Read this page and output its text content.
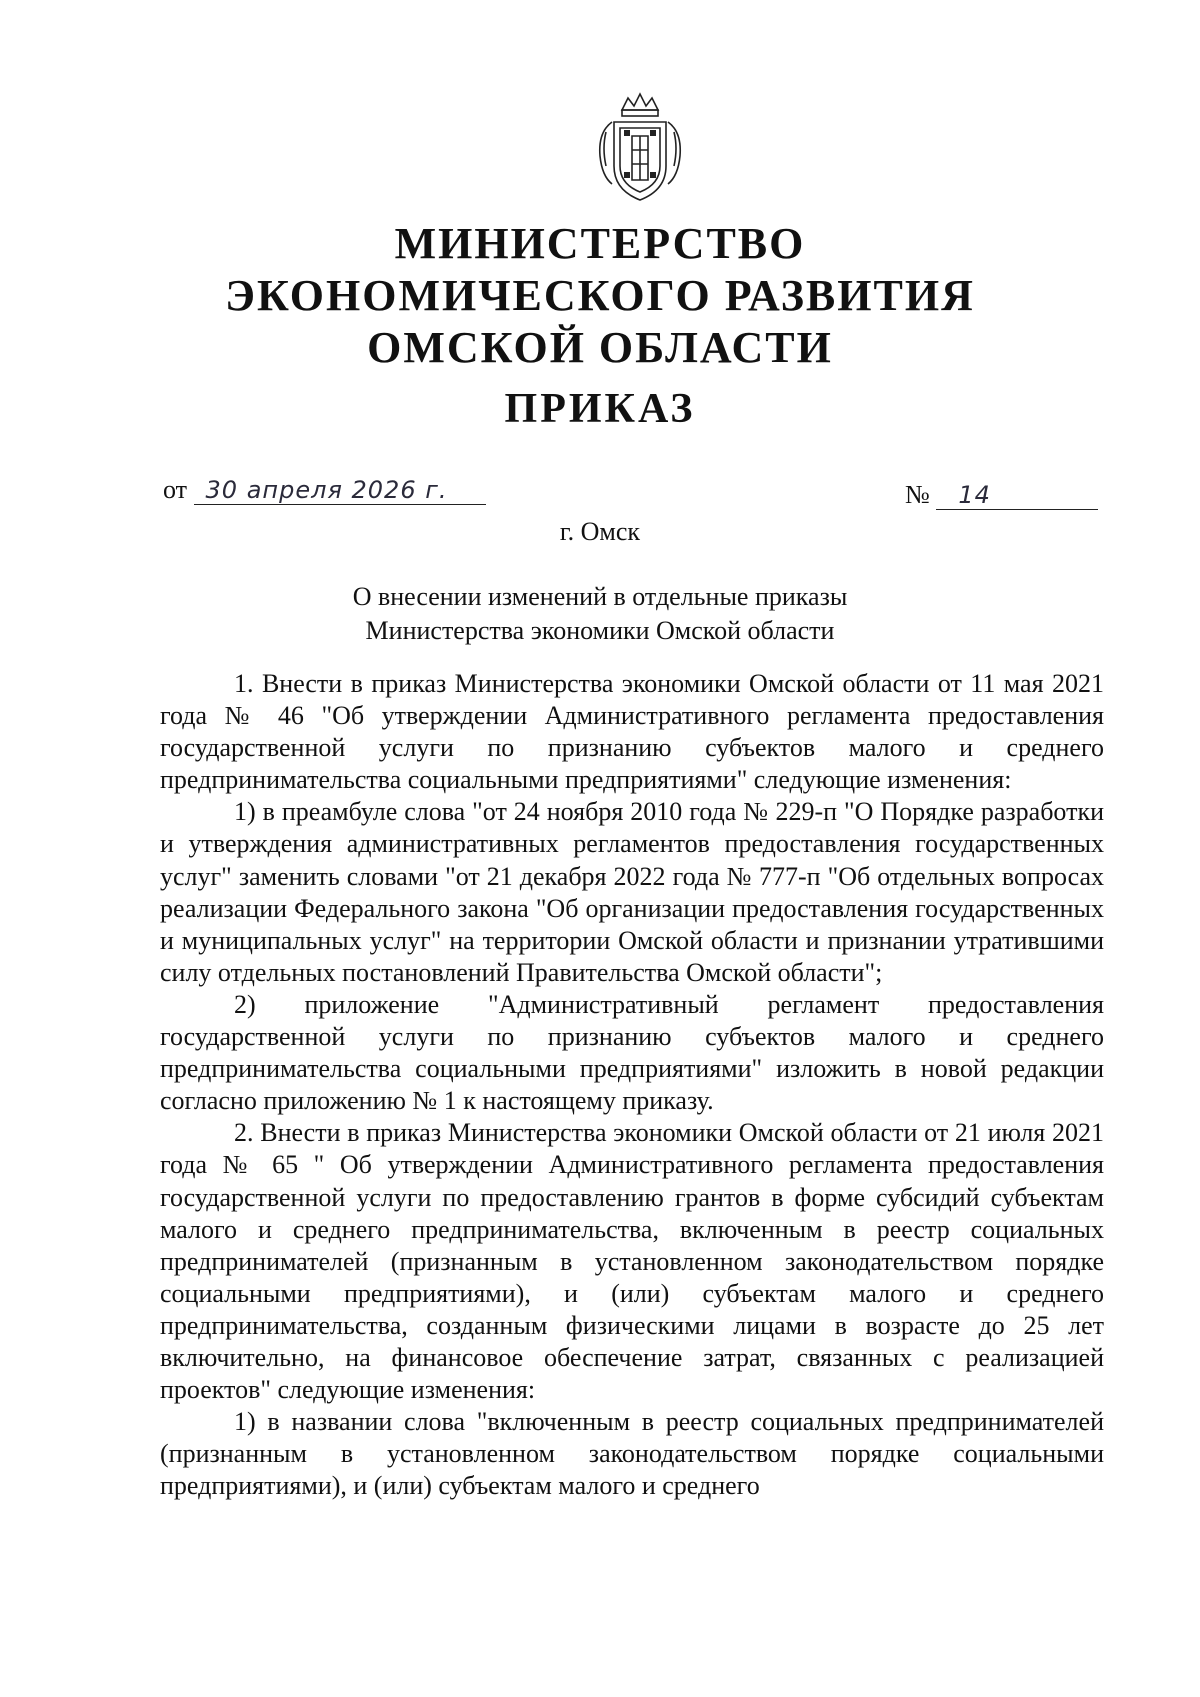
МИНИСТЕРСТВО
ЭКОНОМИЧЕСКОГО РАЗВИТИЯ
ОМСКОЙ ОБЛАСТИ
ПРИКАЗ
от 30 апреля 2026 г.	№ 14
г. Омск
О внесении изменений в отдельные приказы
Министерства экономики Омской области

1. Внести в приказ Министерства экономики Омской области от 11 мая 2021 года № 46 "Об утверждении Административного регламента предоставления государственной услуги по признанию субъектов малого и среднего предпринимательства социальными предприятиями" следующие изменения:

1) в преамбуле слова "от 24 ноября 2010 года № 229-п "О Порядке разработки и утверждения административных регламентов предоставления государственных услуг" заменить словами "от 21 декабря 2022 года № 777-п "Об отдельных вопросах реализации Федерального закона "Об организации предоставления государственных и муниципальных услуг" на территории Омской области и признании утратившими силу отдельных постановлений Правительства Омской области";

2) приложение "Административный регламент предоставления государственной услуги по признанию субъектов малого и среднего предпринимательства социальными предприятиями" изложить в новой редакции согласно приложению № 1 к настоящему приказу.

2. Внести в приказ Министерства экономики Омской области от 21 июля 2021 года № 65 " Об утверждении Административного регламента предоставления государственной услуги по предоставлению грантов в форме субсидий субъектам малого и среднего предпринимательства, включенным в реестр социальных предпринимателей (признанным в установленном законодательством порядке социальными предприятиями), и (или) субъектам малого и среднего предпринимательства, созданным физическими лицами в возрасте до 25 лет включительно, на финансовое обеспечение затрат, связанных с реализацией проектов" следующие изменения:

1) в названии слова "включенным в реестр социальных предпринимателей (признанным в установленном законодательством порядке социальными предприятиями), и (или) субъектам малого и среднего
